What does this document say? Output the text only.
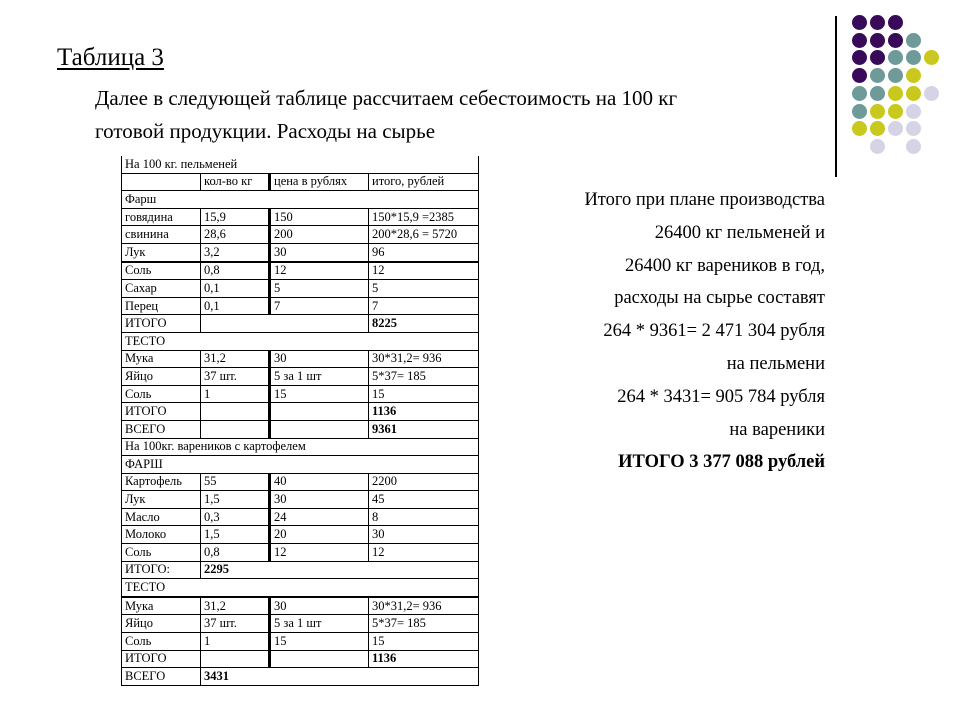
Таблица 3
Далее в следующей таблице рассчитаем себестоимость на 100 кг
готовой продукции. Расходы на сырье
На 100 кг. пельменей			
	кол-во кг	цена в рублях	итого, рублей
Фарш			
говядина	15,9	150	150*15,9 =2385
свинина	28,6	200	200*28,6 = 5720
Лук	3,2	30	96
Соль	0,8	12	12
Сахар	0,1	5	5
Перец	0,1	7	7
ИТОГО			8225
ТЕСТО			
Мука	31,2	30	30*31,2= 936
Яйцо	37 шт.	5 за 1 шт	5*37= 185
Соль	1	15	15
ИТОГО			1136
ВСЕГО			9361
На 100кг. вареников с картофелем			
ФАРШ			
Картофель	55	40	2200
Лук	1,5	30	45
Масло	0,3	24	8
Молоко	1,5	20	30
Соль	0,8	12	12
ИТОГО:	2295		
ТЕСТО			
Мука	31,2	30	30*31,2= 936
Яйцо	37 шт.	5 за 1 шт	5*37= 185
Соль	1	15	15
ИТОГО			1136
ВСЕГО	3431		
Итого при плане производства
26400 кг пельменей и
26400 кг вареников в год,
расходы на сырье составят
264 * 9361= 2 471 304 рубля
на пельмени
264 * 3431= 905 784 рубля
на вареники
ИТОГО 3 377 088 рублей
